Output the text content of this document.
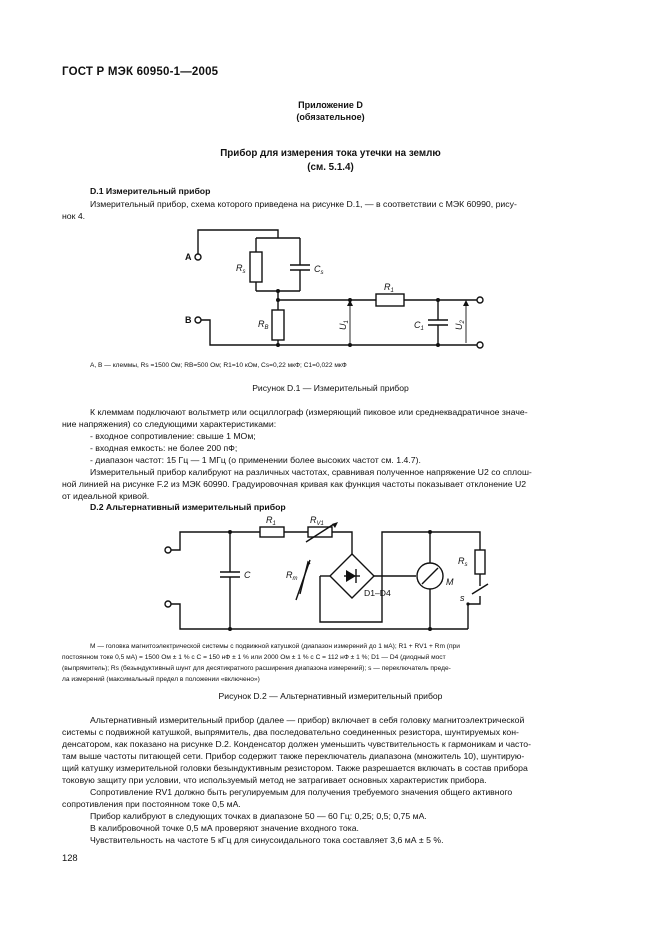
ГОСТ Р МЭК 60950-1—2005
Приложение D
(обязательное)
Прибор для измерения тока утечки на землю
(см. 5.1.4)
D.1 Измерительный прибор
Измерительный прибор, схема которого приведена на рисунке D.1, — в соответствии с МЭК 60990, рису-
нок 4.
A
B
$R_s$	$C_s$
$R_B$
$R_1$
$C_1$
$U_1$
$U_2$
A, B — клеммы, Rs =1500 Ом; RB=500 Ом; R1=10 кОм, Cs=0,22 мкФ; C1=0,022 мкФ
Рисунок D.1 — Измерительный прибор
К клеммам подключают вольтметр или осциллограф (измеряющий пиковое или среднеквадратичное значе-
ние напряжения) со следующими характеристиками:
- входное сопротивление: свыше 1 МОм;
- входная емкость: не более 200 пФ;
- диапазон частот: 15 Гц — 1 МГц (о применении более высоких частот см. 1.4.7).
Измерительный прибор калибруют на различных частотах, сравнивая полученное напряжение U2 со сплош-
ной линией на рисунке F.2 из МЭК 60990. Градуировочная кривая как функция частоты показывает отклонение U2
от идеальной кривой.
D.2 Альтернативный измерительный прибор
$R_1$	$R_{V1}$
$R_m$
C
M
$R_s$
s
D1–D4
M — головка магнитоэлектрической системы с подвижной катушкой (диапазон измерений до 1 мА); R1 + RV1 + Rm (при
постоянном токе 0,5 мА) = 1500 Ом ± 1 % с C = 150 нФ ± 1 % или 2000 Ом ± 1 % с C = 112 нФ ± 1 %; D1 — D4 (диодный мост
(выпрямитель); Rs (безындуктивный шунт для десятикратного расширения диапазона измерений); s — переключатель преде-
ла измерений (максимальный предел в положении «включено»)
Рисунок D.2 — Альтернативный измерительный прибор
Альтернативный измерительный прибор (далее — прибор) включает в себя головку магнитоэлектрической
системы с подвижной катушкой, выпрямитель, два последовательно соединенных резистора, шунтируемых кон-
денсатором, как показано на рисунке D.2. Конденсатор должен уменьшить чувствительность к гармоникам и часто-
там выше частоты питающей сети. Прибор содержит также переключатель диапазона (множитель 10), шунтирую-
щий катушку измерительной головки безындуктивным резистором. Также разрешается включать в состав прибора
токовую защиту при условии, что используемый метод не затрагивает основных характеристик прибора.
Сопротивление RV1 должно быть регулируемым для получения требуемого значения общего активного
сопротивления при постоянном токе 0,5 мА.
Прибор калибруют в следующих точках в диапазоне 50 — 60 Гц: 0,25; 0,5; 0,75 мА.
В калибровочной точке 0,5 мА проверяют значение входного тока.
Чувствительность на частоте 5 кГц для синусоидального тока составляет 3,6 мА ± 5 %.
128
